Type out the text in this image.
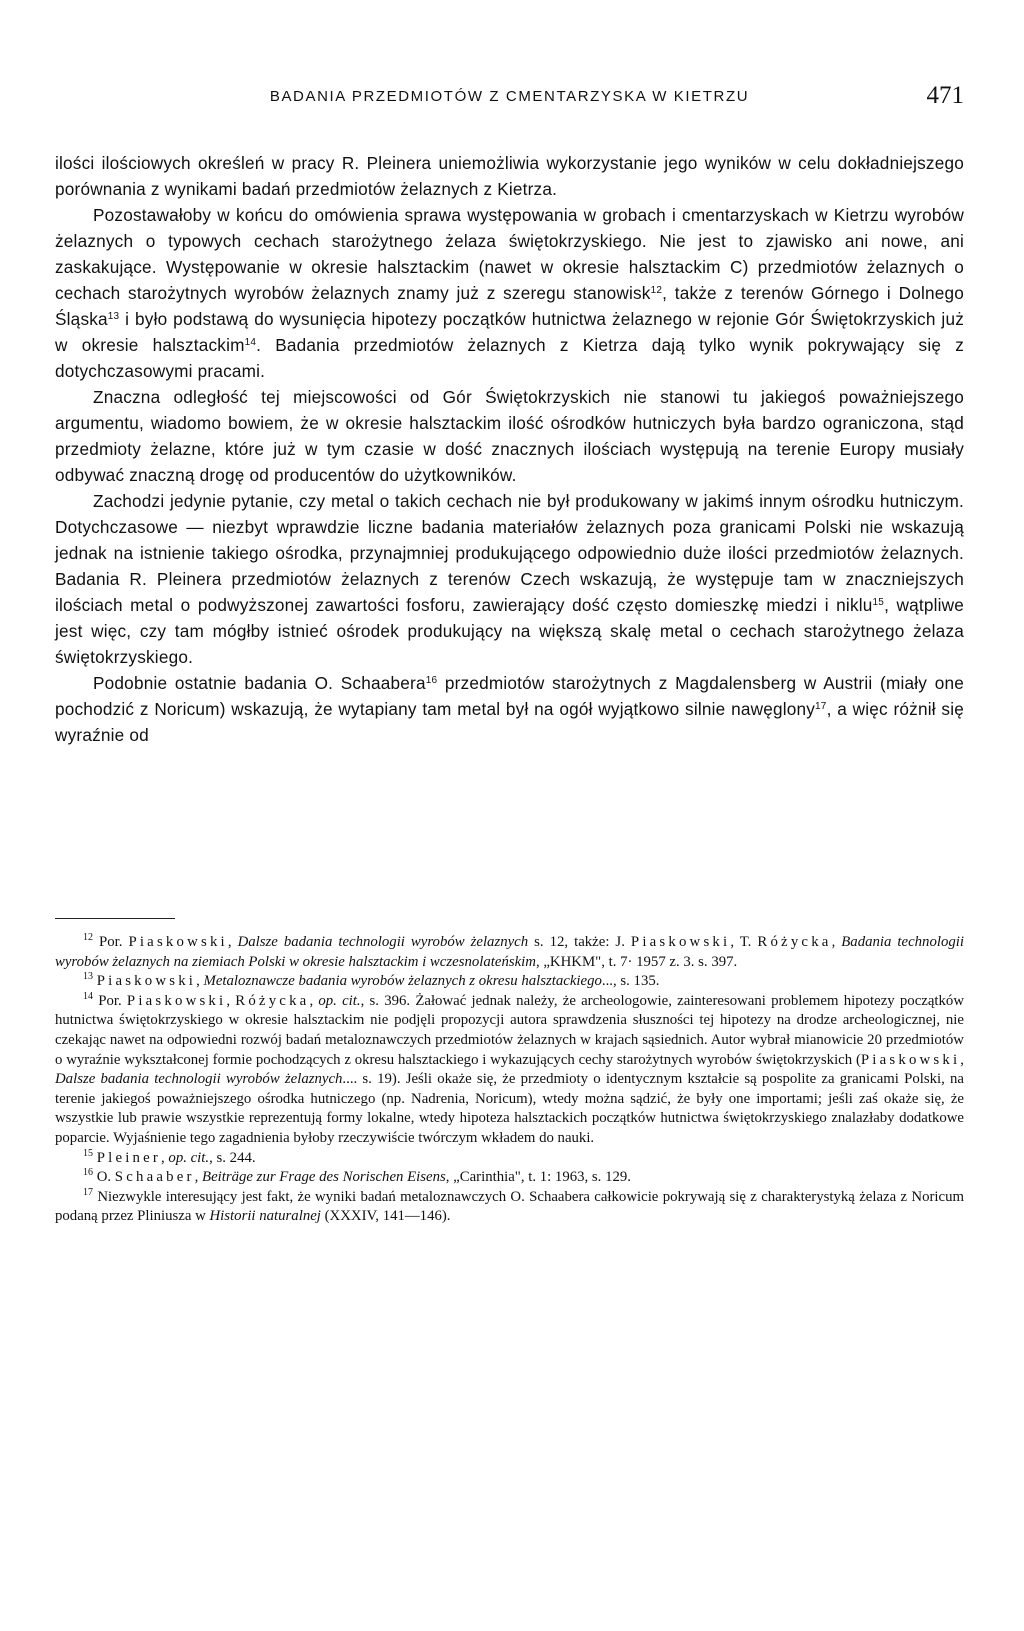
BADANIA PRZEDMIOTÓW Z CMENTARZYSKA W KIETRZU	471

ilości ilościowych określeń w pracy R. Pleinera uniemożliwia wykorzystanie jego wyników w celu dokładniejszego porównania z wynikami badań przedmiotów żelaznych z Kietrza.

Pozostawałoby w końcu do omówienia sprawa występowania w grobach i cmentarzyskach w Kietrzu wyrobów żelaznych o typowych cechach starożytnego żelaza świętokrzyskiego. Nie jest to zjawisko ani nowe, ani zaskakujące. Występowanie w okresie halsztackim (nawet w okresie halsztackim C) przedmiotów żelaznych o cechach starożytnych wyrobów żelaznych znamy już z szeregu stanowisk$^{12}$, także z terenów Górnego i Dolnego Śląska$^{13}$ i było podstawą do wysunięcia hipotezy początków hutnictwa żelaznego w rejonie Gór Świętokrzyskich już w okresie halsztackim$^{14}$. Badania przedmiotów żelaznych z Kietrza dają tylko wynik pokrywający się z dotychczasowymi pracami.

Znaczna odległość tej miejscowości od Gór Świętokrzyskich nie stanowi tu jakiegoś poważniejszego argumentu, wiadomo bowiem, że w okresie halsztackim ilość ośrodków hutniczych była bardzo ograniczona, stąd przedmioty żelazne, które już w tym czasie w dość znacznych ilościach występują na terenie Europy musiały odbywać znaczną drogę od producentów do użytkowników.

Zachodzi jedynie pytanie, czy metal o takich cechach nie był produkowany w jakimś innym ośrodku hutniczym. Dotychczasowe — niezbyt wprawdzie liczne badania materiałów żelaznych poza granicami Polski nie wskazują jednak na istnienie takiego ośrodka, przynajmniej produkującego odpowiednio duże ilości przedmiotów żelaznych. Badania R. Pleinera przedmiotów żelaznych z terenów Czech wskazują, że występuje tam w znaczniejszych ilościach metal o podwyższonej zawartości fosforu, zawierający dość często domieszkę miedzi i niklu$^{15}$, wątpliwe jest więc, czy tam mógłby istnieć ośrodek produkujący na większą skalę metal o cechach starożytnego żelaza świętokrzyskiego.

Podobnie ostatnie badania O. Schaabera$^{16}$ przedmiotów starożytnych z Magdalensberg w Austrii (miały one pochodzić z Noricum) wskazują, że wytapiany tam metal był na ogół wyjątkowo silnie nawęglony$^{17}$, a więc różnił się wyraźnie od

$^{12}$ Por. Piaskowski, Dalsze badania technologii wyrobów żelaznych s. 12, także: J. Piaskowski, T. Różycka, Badania technologii wyrobów żelaznych na ziemiach Polski w okresie halsztackim i wczesnolateńskim, „KHKM", t. 7· 1957 z. 3. s. 397.

$^{13}$ Piaskowski, Metaloznawcze badania wyrobów żelaznych z okresu halsztackiego..., s. 135.

$^{14}$ Por. Piaskowski, Różycka, op. cit., s. 396. Żałować jednak należy, że archeologowie, zainteresowani problemem hipotezy początków hutnictwa świętokrzyskiego w okresie halsztackim nie podjęli propozycji autora sprawdzenia słuszności tej hipotezy na drodze archeologicznej, nie czekając nawet na odpowiedni rozwój badań metaloznawczych przedmiotów żelaznych w krajach sąsiednich. Autor wybrał mianowicie 20 przedmiotów o wyraźnie wykształconej formie pochodzących z okresu halsztackiego i wykazujących cechy starożytnych wyrobów świętokrzyskich (Piaskowski, Dalsze badania technologii wyrobów żelaznych.... s. 19). Jeśli okaże się, że przedmioty o identycznym kształcie są pospolite za granicami Polski, na terenie jakiegoś poważniejszego ośrodka hutniczego (np. Nadrenia, Noricum), wtedy można sądzić, że były one importami; jeśli zaś okaże się, że wszystkie lub prawie wszystkie reprezentują formy lokalne, wtedy hipoteza halsztackich początków hutnictwa świętokrzyskiego znalazłaby dodatkowe poparcie. Wyjaśnienie tego zagadnienia byłoby rzeczywiście twórczym wkładem do nauki.

$^{15}$ Pleiner, op. cit., s. 244.

$^{16}$ O. Schaaber, Beiträge zur Frage des Norischen Eisens, „Carinthia", t. 1: 1963, s. 129.

$^{17}$ Niezwykle interesujący jest fakt, że wyniki badań metaloznawczych O. Schaabera całkowicie pokrywają się z charakterystyką żelaza z Noricum podaną przez Pliniusza w Historii naturalnej (XXXIV, 141—146).
